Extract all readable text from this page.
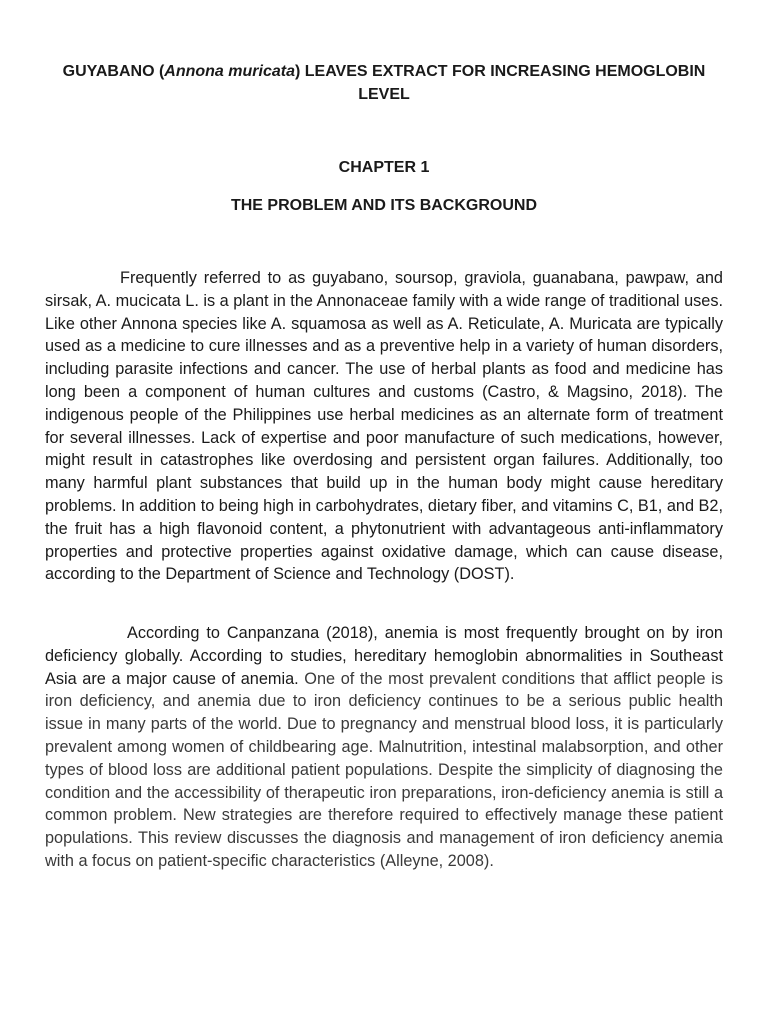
GUYABANO (Annona muricata) LEAVES EXTRACT FOR INCREASING HEMOGLOBIN LEVEL
CHAPTER 1
THE PROBLEM AND ITS BACKGROUND

Frequently referred to as guyabano, soursop, graviola, guanabana, pawpaw, and sirsak, A. mucicata L. is a plant in the Annonaceae family with a wide range of traditional uses. Like other Annona species like A. squamosa as well as A. Reticulate, A. Muricata are typically used as a medicine to cure illnesses and as a preventive help in a variety of human disorders, including parasite infections and cancer. The use of herbal plants as food and medicine has long been a component of human cultures and customs (Castro, & Magsino, 2018). The indigenous people of the Philippines use herbal medicines as an alternate form of treatment for several illnesses. Lack of expertise and poor manufacture of such medications, however, might result in catastrophes like overdosing and persistent organ failures. Additionally, too many harmful plant substances that build up in the human body might cause hereditary problems. In addition to being high in carbohydrates, dietary fiber, and vitamins C, B1, and B2, the fruit has a high flavonoid content, a phytonutrient with advantageous anti-inflammatory properties and protective properties against oxidative damage, which can cause disease, according to the Department of Science and Technology (DOST).

According to Canpanzana (2018), anemia is most frequently brought on by iron deficiency globally. According to studies, hereditary hemoglobin abnormalities in Southeast Asia are a major cause of anemia. One of the most prevalent conditions that afflict people is iron deficiency, and anemia due to iron deficiency continues to be a serious public health issue in many parts of the world. Due to pregnancy and menstrual blood loss, it is particularly prevalent among women of childbearing age. Malnutrition, intestinal malabsorption, and other types of blood loss are additional patient populations. Despite the simplicity of diagnosing the condition and the accessibility of therapeutic iron preparations, iron-deficiency anemia is still a common problem. New strategies are therefore required to effectively manage these patient populations. This review discusses the diagnosis and management of iron deficiency anemia with a focus on patient-specific characteristics (Alleyne, 2008).
